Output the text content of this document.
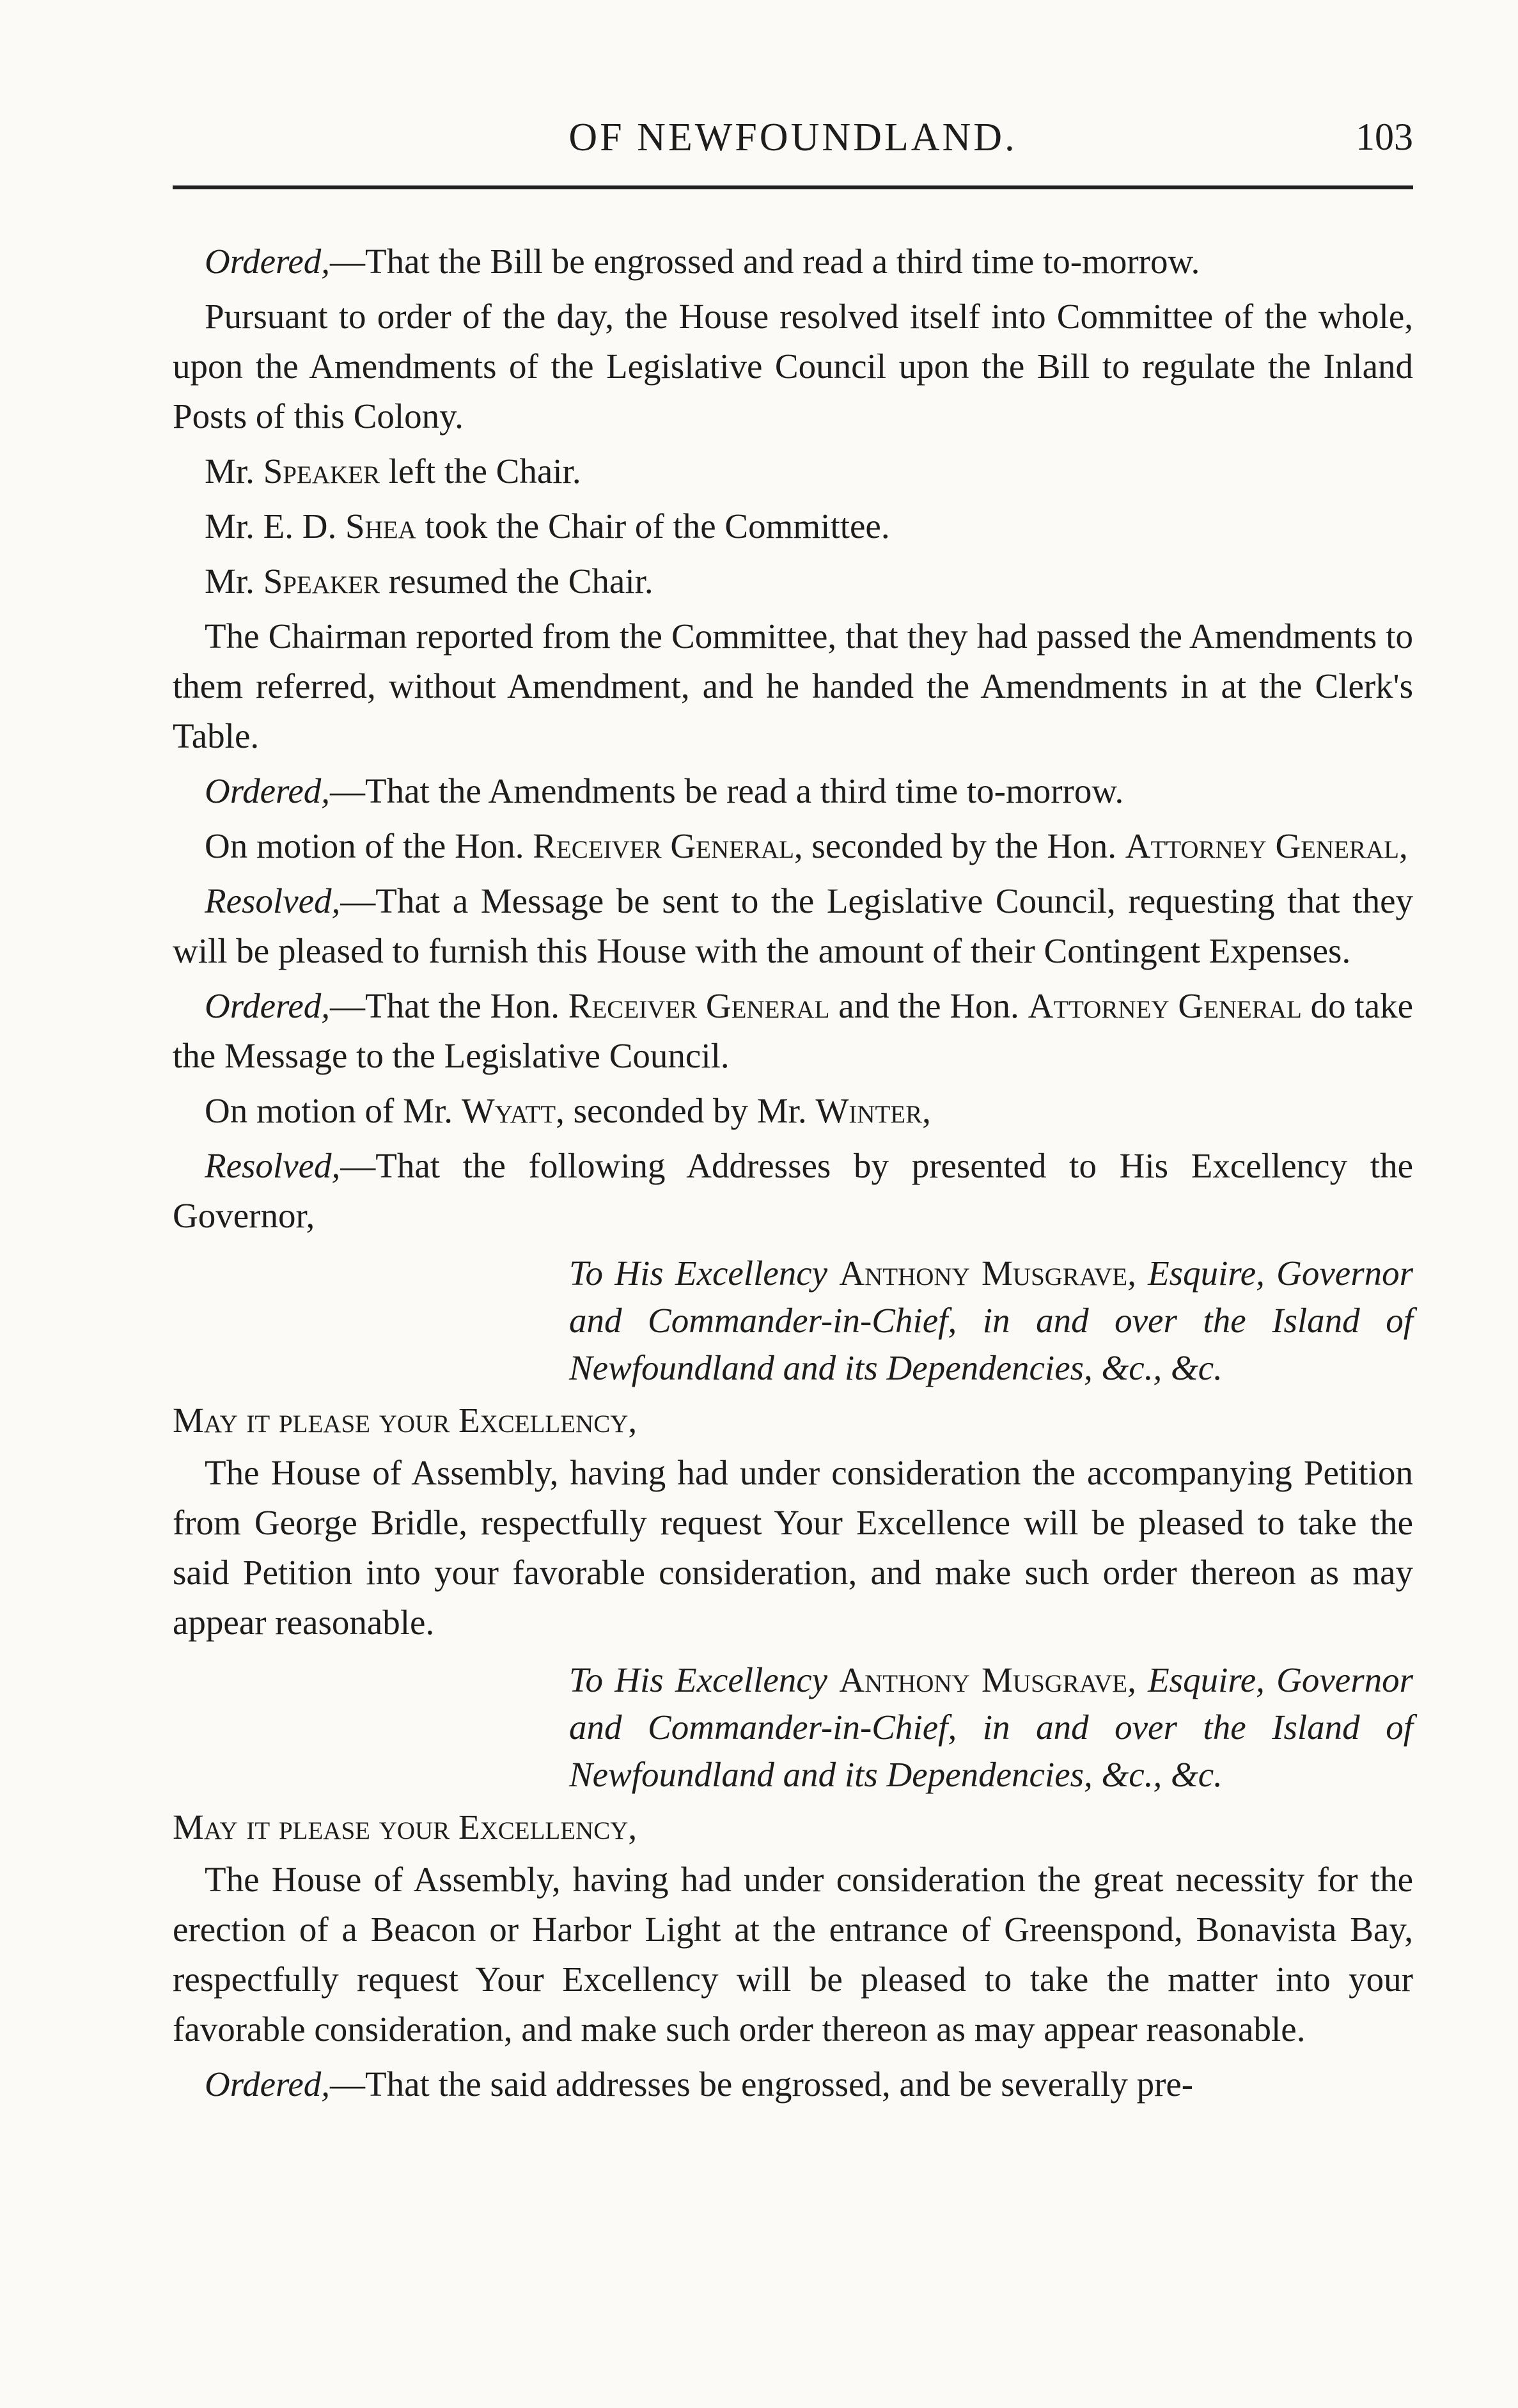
OF NEWFOUNDLAND.	103

Ordered,—That the Bill be engrossed and read a third time to-morrow.

Pursuant to order of the day, the House resolved itself into Committee of the whole, upon the Amendments of the Legislative Council upon the Bill to regulate the Inland Posts of this Colony.

Mr. Speaker left the Chair.

Mr. E. D. Shea took the Chair of the Committee.

Mr. Speaker resumed the Chair.

The Chairman reported from the Committee, that they had passed the Amendments to them referred, without Amendment, and he handed the Amendments in at the Clerk's Table.

Ordered,—That the Amendments be read a third time to-morrow.

On motion of the Hon. Receiver General, seconded by the Hon. Attorney General,

Resolved,—That a Message be sent to the Legislative Council, requesting that they will be pleased to furnish this House with the amount of their Contingent Expenses.

Ordered,—That the Hon. Receiver General and the Hon. Attorney General do take the Message to the Legislative Council.

On motion of Mr. Wyatt, seconded by Mr. Winter,

Resolved,—That the following Addresses by presented to His Excellency the Governor,

To His Excellency Anthony Musgrave, Esquire, Governor and Commander-in-Chief, in and over the Island of Newfoundland and its Dependencies, &c., &c.

May it please your Excellency,

The House of Assembly, having had under consideration the accompanying Petition from George Bridle, respectfully request Your Excellence will be pleased to take the said Petition into your favorable consideration, and make such order thereon as may appear reasonable.

To His Excellency Anthony Musgrave, Esquire, Governor and Commander-in-Chief, in and over the Island of Newfoundland and its Dependencies, &c., &c.

May it please your Excellency,

The House of Assembly, having had under consideration the great necessity for the erection of a Beacon or Harbor Light at the entrance of Greenspond, Bonavista Bay, respectfully request Your Excellency will be pleased to take the matter into your favorable consideration, and make such order thereon as may appear reasonable.

Ordered,—That the said addresses be engrossed, and be severally pre-
